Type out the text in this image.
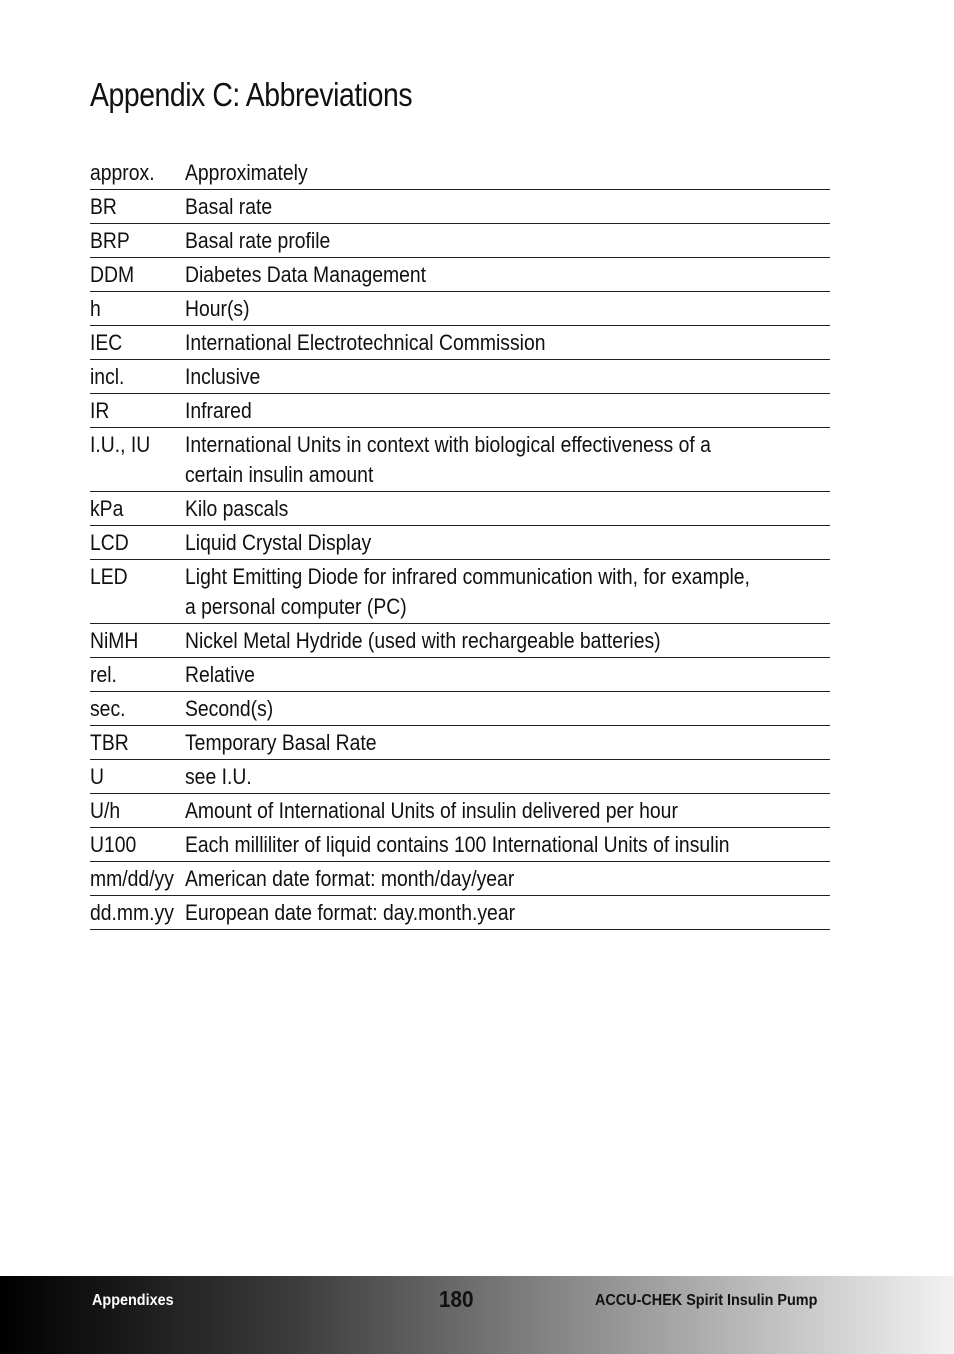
Appendix C: Abbreviations
approx.	Approximately

BR	Basal rate

BRP	Basal rate profile

DDM	Diabetes Data Management

h	Hour(s)

IEC	International Electrotechnical Commission

incl.	Inclusive

IR	Infrared

I.U., IU	International Units in context with biological effectiveness of a certain insulin amount

kPa	Kilo pascals

LCD	Liquid Crystal Display

LED	Light Emitting Diode for infrared communication with, for example, a personal computer (PC)

NiMH	Nickel Metal Hydride (used with rechargeable batteries)

rel.	Relative

sec.	Second(s)

TBR	Temporary Basal Rate

U	see I.U.

U/h	Amount of International Units of insulin delivered per hour

U100	Each milliliter of liquid contains 100 International Units of insulin

mm/dd/yy	American date format: month/day/year

dd.mm.yy	European date format: day.month.year
Appendixes	180	ACCU-CHEK Spirit Insulin Pump
